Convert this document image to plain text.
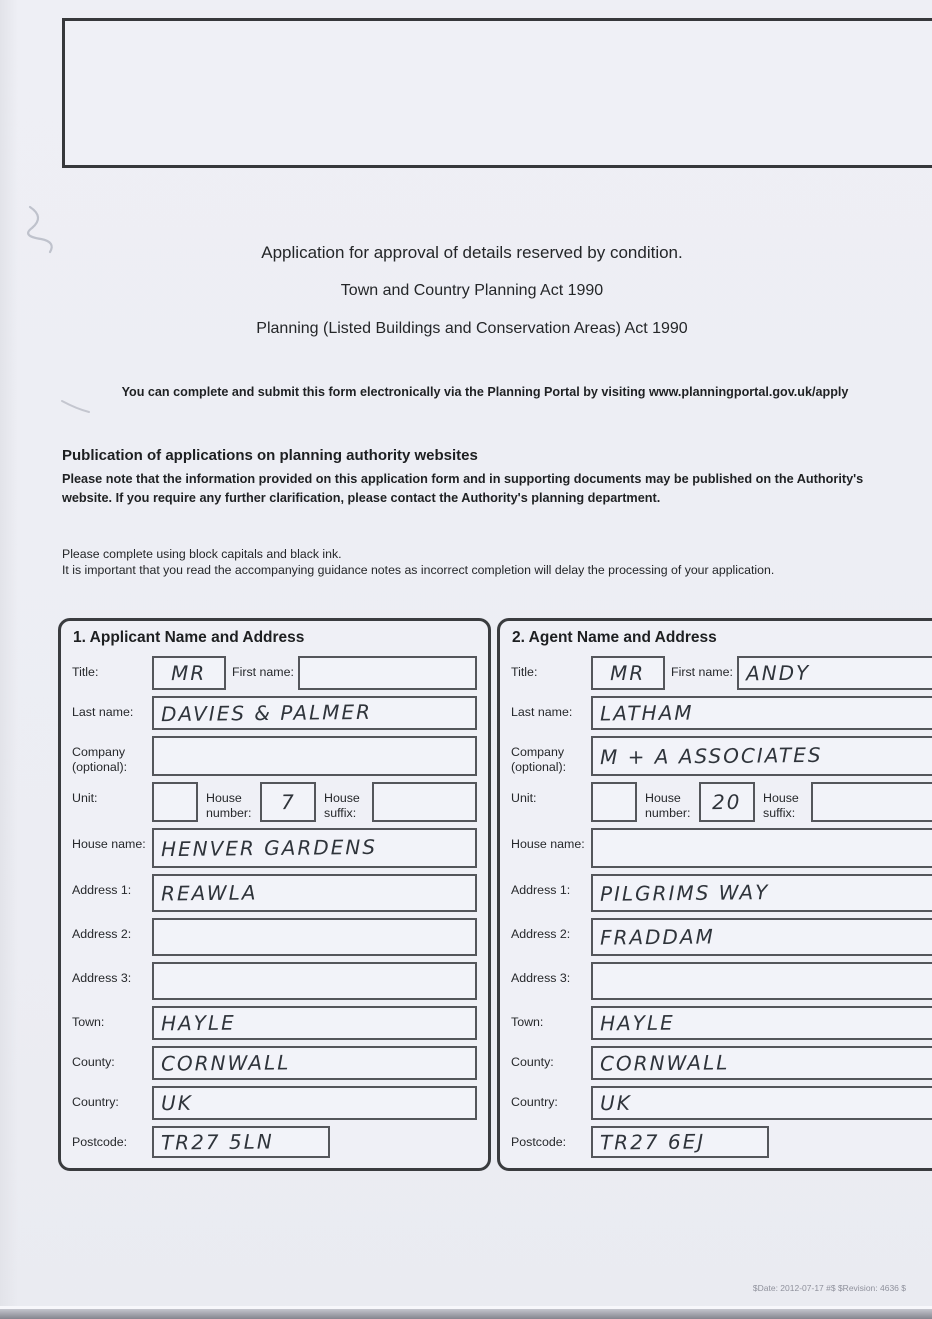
Application for approval of details reserved by condition.
Town and Country Planning Act 1990
Planning (Listed Buildings and Conservation Areas) Act 1990
You can complete and submit this form electronically via the Planning Portal by visiting www.planningportal.gov.uk/apply
Publication of applications on planning authority websites
Please note that the information provided on this application form and in supporting documents may be published on the Authority's website. If you require any further clarification, please contact the Authority's planning department.
Please complete using block capitals and black ink.
It is important that you read the accompanying guidance notes as incorrect completion will delay the processing of your application.
1. Applicant Name and Address
Title:	MR	First name:
Last name:	DAVIES & PALMER
Company (optional):
Unit:	House number:	7	House suffix:
House name: HENVER GARDENS
Address 1:	REAWLA
Address 2:
Address 3:
Town:	HAYLE
County:	CORNWALL
Country:	UK
Postcode:	TR27 5LN
2. Agent Name and Address
Title:	MR	First name: ANDY
Last name:	LATHAM
Company (optional):	M + A ASSOCIATES
Unit:	House number:	20	House suffix:
House name:
Address 1:	PILGRIMS WAY
Address 2:	FRADDAM
Address 3:
Town:	HAYLE
County:	CORNWALL
Country:	UK
Postcode:	TR27 6EJ
$Date: 2012-07-17 #$ $Revision: 4636 $
